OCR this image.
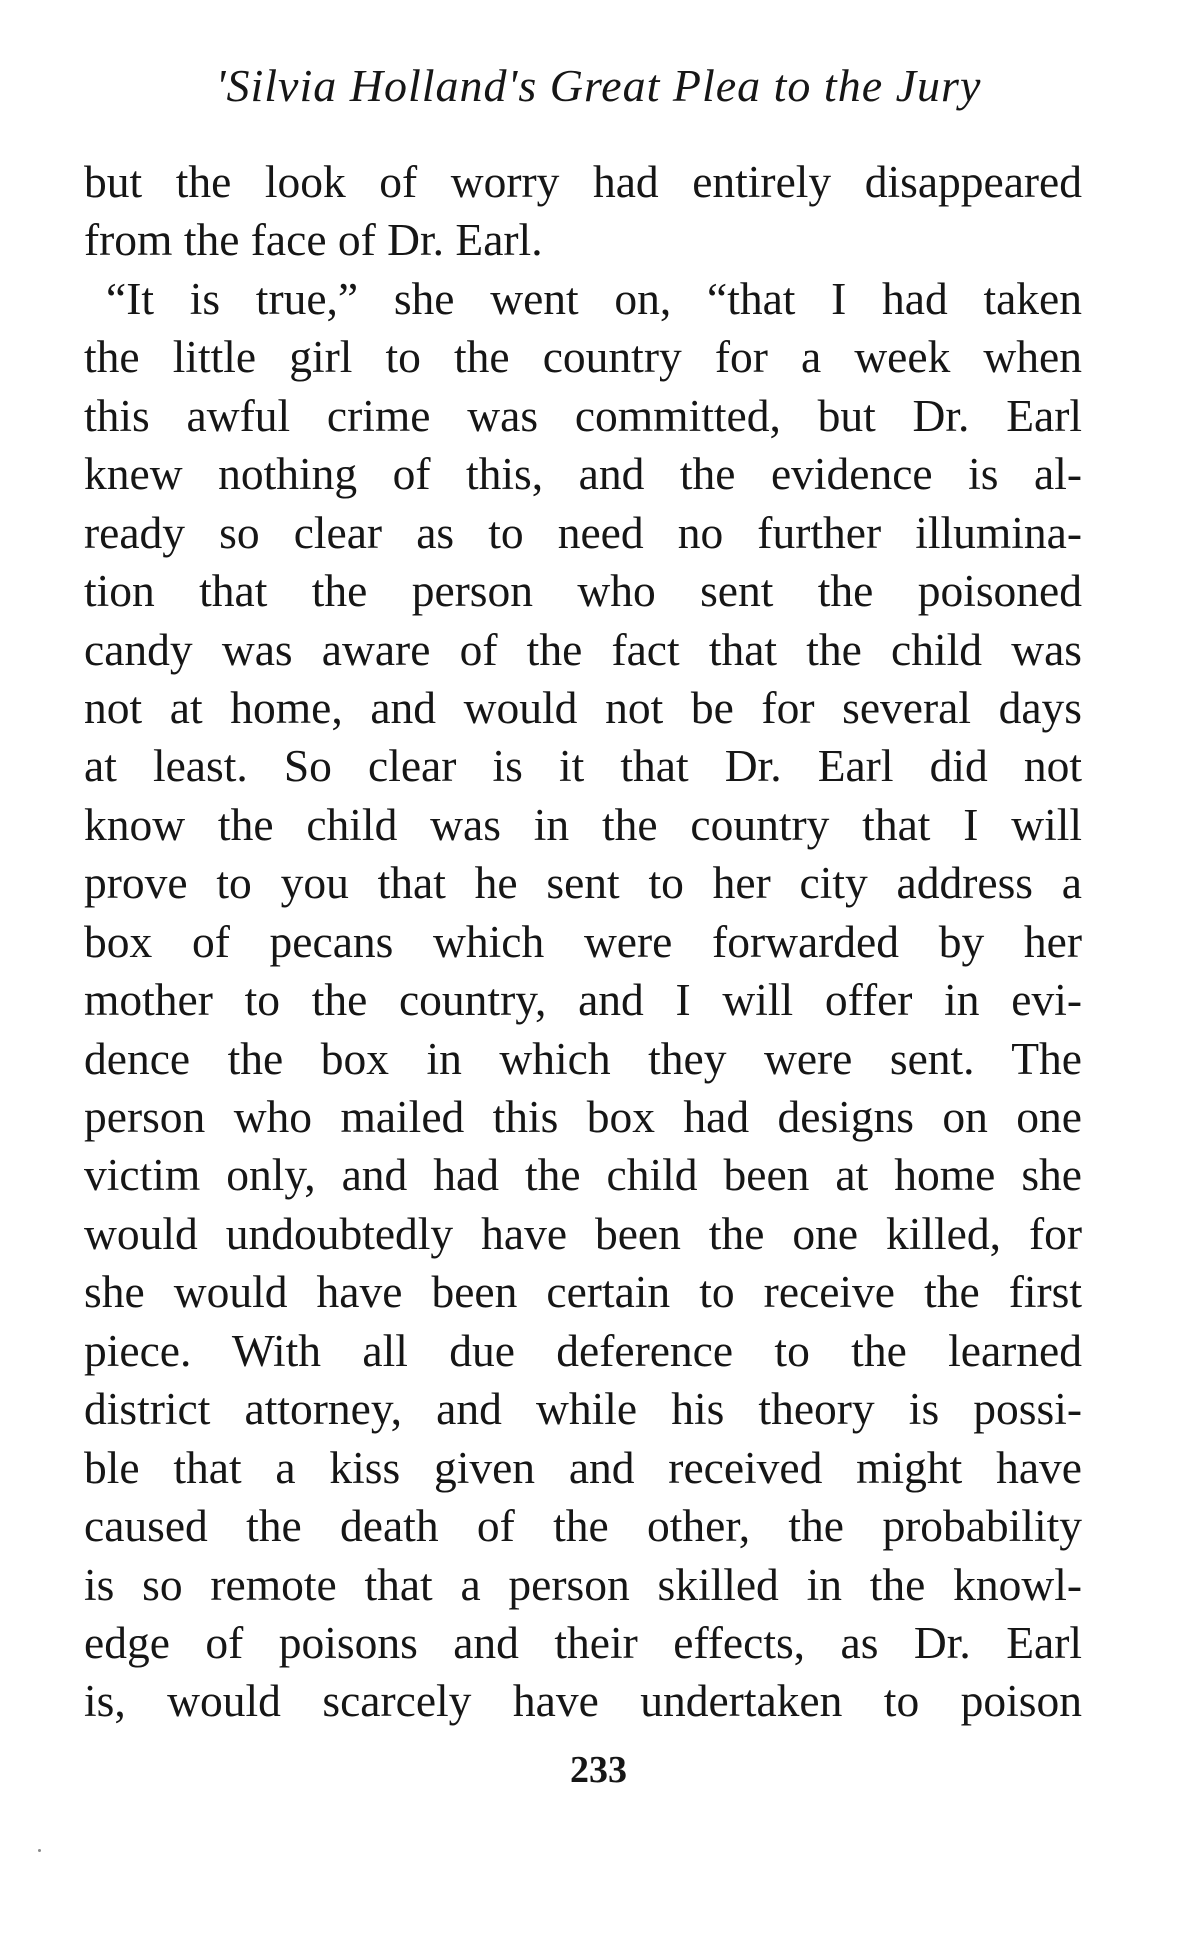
'Silvia Holland's Great Plea to the Jury
but the look of worry had entirely disappeared
from the face of Dr. Earl.
“It is true,” she went on, “that I had taken
the little girl to the country for a week when
this awful crime was committed, but Dr. Earl
knew nothing of this, and the evidence is al-
ready so clear as to need no further illumina-
tion that the person who sent the poisoned
candy was aware of the fact that the child was
not at home, and would not be for several days
at least. So clear is it that Dr. Earl did not
know the child was in the country that I will
prove to you that he sent to her city address a
box of pecans which were forwarded by her
mother to the country, and I will offer in evi-
dence the box in which they were sent. The
person who mailed this box had designs on one
victim only, and had the child been at home she
would undoubtedly have been the one killed, for
she would have been certain to receive the first
piece. With all due deference to the learned
district attorney, and while his theory is possi-
ble that a kiss given and received might have
caused the death of the other, the probability
is so remote that a person skilled in the knowl-
edge of poisons and their effects, as Dr. Earl
is, would scarcely have undertaken to poison
233
